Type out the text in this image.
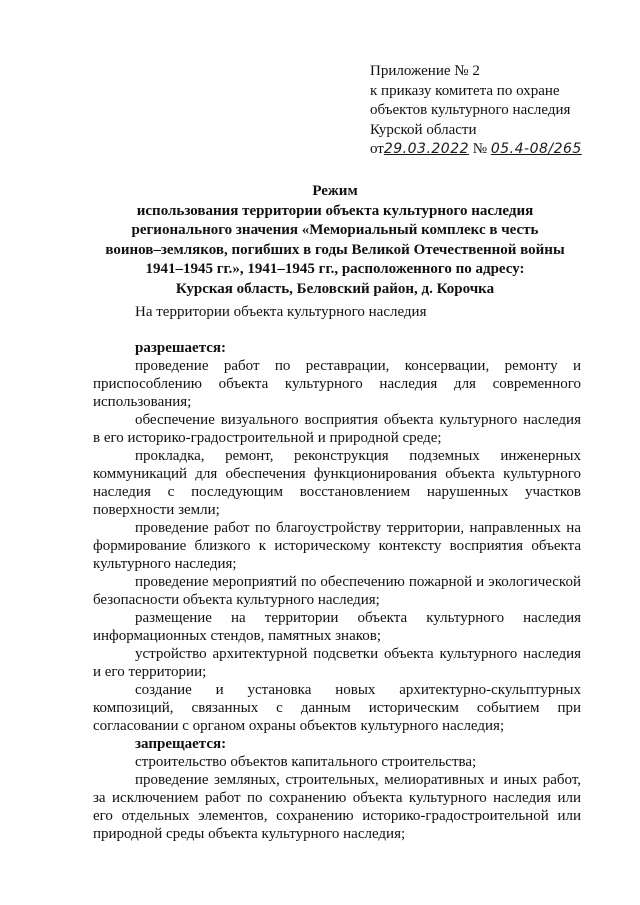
Приложение № 2
к приказу комитета по охране
объектов культурного наследия
Курской области
от29.03.2022 № 05.4-08/265
Режим
использования территории объекта культурного наследия
регионального значения «Мемориальный комплекс в честь
воинов–земляков, погибших в годы Великой Отечественной войны
1941–1945 гг.», 1941–1945 гг., расположенного по адресу:
Курская область, Беловский район, д. Корочка
На территории объекта культурного наследия

разрешается:

проведение работ по реставрации, консервации, ремонту и приспособлению объекта культурного наследия для современного использования;

обеспечение визуального восприятия объекта культурного наследия в его историко-градостроительной и природной среде;

прокладка, ремонт, реконструкция подземных инженерных коммуникаций для обеспечения функционирования объекта культурного наследия с последующим восстановлением нарушенных участков поверхности земли;

проведение работ по благоустройству территории, направленных на формирование близкого к историческому контексту восприятия объекта культурного наследия;

проведение мероприятий по обеспечению пожарной и экологической безопасности объекта культурного наследия;

размещение на территории объекта культурного наследия информационных стендов, памятных знаков;

устройство архитектурной подсветки объекта культурного наследия и его территории;

создание и установка новых архитектурно-скульптурных композиций, связанных с данным историческим событием при согласовании с органом охраны объектов культурного наследия;

запрещается:

строительство объектов капитального строительства;

проведение земляных, строительных, мелиоративных и иных работ, за исключением работ по сохранению объекта культурного наследия или его отдельных элементов, сохранению историко-градостроительной или природной среды объекта культурного наследия;
